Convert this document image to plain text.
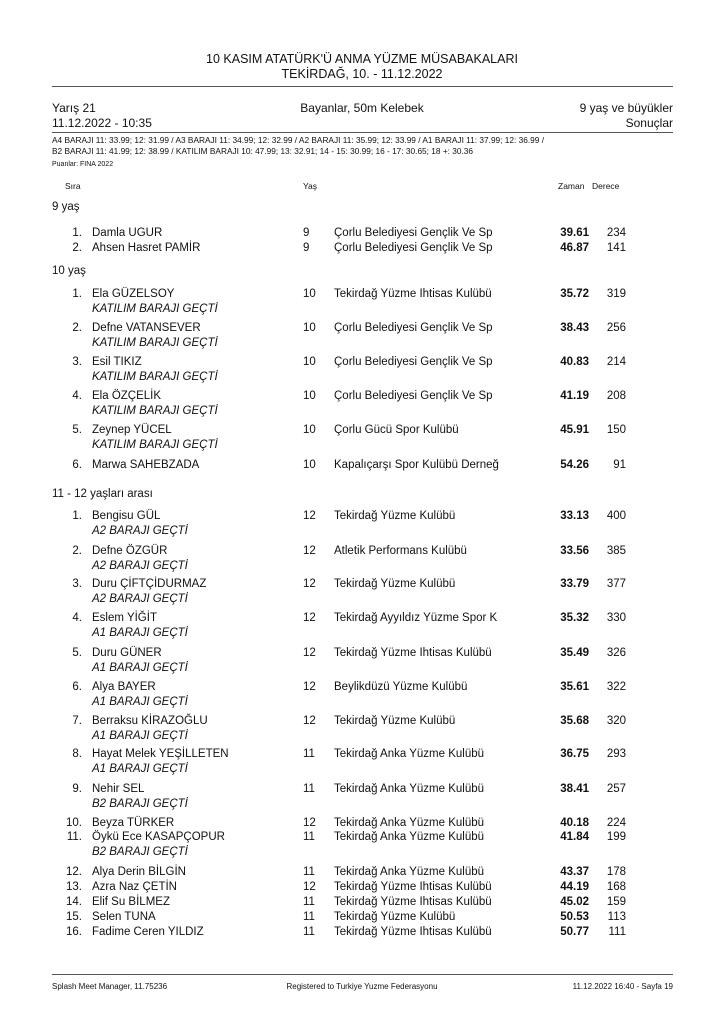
10 KASIM ATATÜRK'Ü ANMA YÜZME MÜSABAKALARI
TEKİRDAĞ, 10. - 11.12.2022
Yarış 21
11.12.2022 - 10:35
Bayanlar, 50m Kelebek	9 yaş ve büyükler
Sonuçlar
A4 BARAJI 11: 33.99; 12: 31.99 / A3 BARAJI 11: 34.99; 12: 32.99 / A2 BARAJI 11: 35.99; 12: 33.99 / A1 BARAJI 11: 37.99; 12: 36.99 /
B2 BARAJI 11: 41.99; 12: 38.99 / KATILIM BARAJI 10: 47.99; 13: 32.91; 14 - 15: 30.99; 16 - 17: 30.65; 18 +: 30.36
Puanlar: FINA 2022
Sıra	Yaş	Zaman Derece
9 yaş
1. Damla UGUR	9 Çorlu Belediyesi Gençlik Ve Sp	39.61 234
2. Ahsen Hasret PAMİR	9 Çorlu Belediyesi Gençlik Ve Sp	46.87 141
10 yaş
1. Ela GÜZELSOY	10 Tekirdağ Yüzme Ihtisas Kulübü	35.72 319
KATILIM BARAJI GEÇTİ
2. Defne VATANSEVER	10 Çorlu Belediyesi Gençlik Ve Sp	38.43 256
KATILIM BARAJI GEÇTİ
3. Esil TIKIZ	10 Çorlu Belediyesi Gençlik Ve Sp	40.83 214
KATILIM BARAJI GEÇTİ
4. Ela ÖZÇELİK	10 Çorlu Belediyesi Gençlik Ve Sp	41.19 208
KATILIM BARAJI GEÇTİ
5. Zeynep YÜCEL	10 Çorlu Gücü Spor Kulübü	45.91 150
KATILIM BARAJI GEÇTİ
6. Marwa SAHEBZADA	10 Kapalıçarşı Spor Kulübü Derneğ	54.26 91
11 - 12 yaşları arası
1. Bengisu GÜL	12 Tekirdağ Yüzme Kulübü	33.13 400
A2 BARAJI GEÇTİ
2. Defne ÖZGÜR	12 Atletik Performans Kulübü	33.56 385
A2 BARAJI GEÇTİ
3. Duru ÇİFTÇİDURMAZ	12 Tekirdağ Yüzme Kulübü	33.79 377
A2 BARAJI GEÇTİ
4. Eslem YİĞİT	12 Tekirdağ Ayyıldız Yüzme Spor K	35.32 330
A1 BARAJI GEÇTİ
5. Duru GÜNER	12 Tekirdağ Yüzme Ihtisas Kulübü	35.49 326
A1 BARAJI GEÇTİ
6. Alya BAYER	12 Beylikdüzü Yüzme Kulübü	35.61 322
A1 BARAJI GEÇTİ
7. Berraksu KİRAZOĞLU	12 Tekirdağ Yüzme Kulübü	35.68 320
A1 BARAJI GEÇTİ
8. Hayat Melek YEŞİLLETEN	11 Tekirdağ Anka Yüzme Kulübü	36.75 293
A1 BARAJI GEÇTİ
9. Nehir SEL	11 Tekirdağ Anka Yüzme Kulübü	38.41 257
B2 BARAJI GEÇTİ
10. Beyza TÜRKER	12 Tekirdağ Anka Yüzme Kulübü	40.18 224
11. Öykü Ece KASAPÇOPUR	11 Tekirdağ Anka Yüzme Kulübü	41.84 199
B2 BARAJI GEÇTİ
12. Alya Derin BİLGİN	11 Tekirdağ Anka Yüzme Kulübü	43.37 178
13. Azra Naz ÇETİN	12 Tekirdağ Yüzme Ihtisas Kulübü	44.19 168
14. Elif Su BİLMEZ	11 Tekirdağ Yüzme Ihtisas Kulübü	45.02 159
15. Selen TUNA	11 Tekirdağ Yüzme Kulübü	50.53 113
16. Fadime Ceren YILDIZ	11 Tekirdağ Yüzme Ihtisas Kulübü	50.77 111
Splash Meet Manager, 11.75236	Registered to Turkiye Yuzme Federasyonu	11.12.2022 16:40 - Sayfa 19
